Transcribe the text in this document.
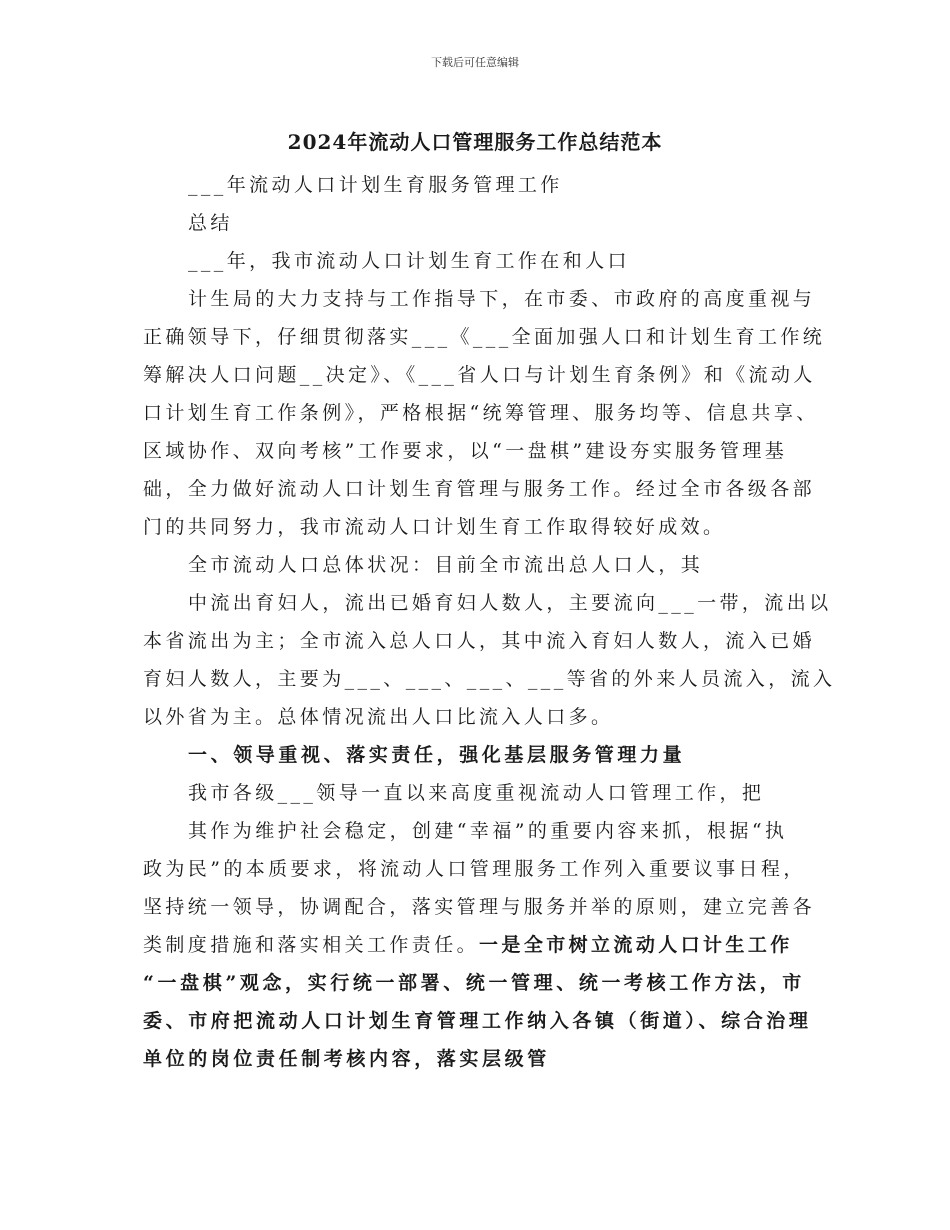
下载后可任意编辑
2024年流动人口管理服务工作总结范本
___年流动人口计划生育服务管理工作
总结
___年，我市流动人口计划生育工作在和人口
计生局的大力支持与工作指导下，在市委、市政府的高度重视与
正确领导下，仔细贯彻落实___《___全面加强人口和计划生育工作统
筹解决人口问题__决定》、《___省人口与计划生育条例》和《流动人
口计划生育工作条例》，严格根据“统筹管理、服务均等、信息共享、
区域协作、双向考核”工作要求，以“一盘棋”建设夯实服务管理基
础，全力做好流动人口计划生育管理与服务工作。经过全市各级各部
门的共同努力，我市流动人口计划生育工作取得较好成效。
全市流动人口总体状况：目前全市流出总人口人，其
中流出育妇人，流出已婚育妇人数人，主要流向___一带，流出以
本省流出为主；全市流入总人口人，其中流入育妇人数人，流入已婚
育妇人数人，主要为___、___、___、___等省的外来人员流入，流入
以外省为主。总体情况流出人口比流入人口多。
一、领导重视、落实责任，强化基层服务管理力量
我市各级___领导一直以来高度重视流动人口管理工作，把
其作为维护社会稳定，创建“幸福”的重要内容来抓，根据“执
政为民”的本质要求，将流动人口管理服务工作列入重要议事日程，
坚持统一领导，协调配合，落实管理与服务并举的原则，建立完善各
类制度措施和落实相关工作责任。一是全市树立流动人口计生工作
“一盘棋”观念，实行统一部署、统一管理、统一考核工作方法，市
委、市府把流动人口计划生育管理工作纳入各镇（街道）、综合治理
单位的岗位责任制考核内容，落实层级管
